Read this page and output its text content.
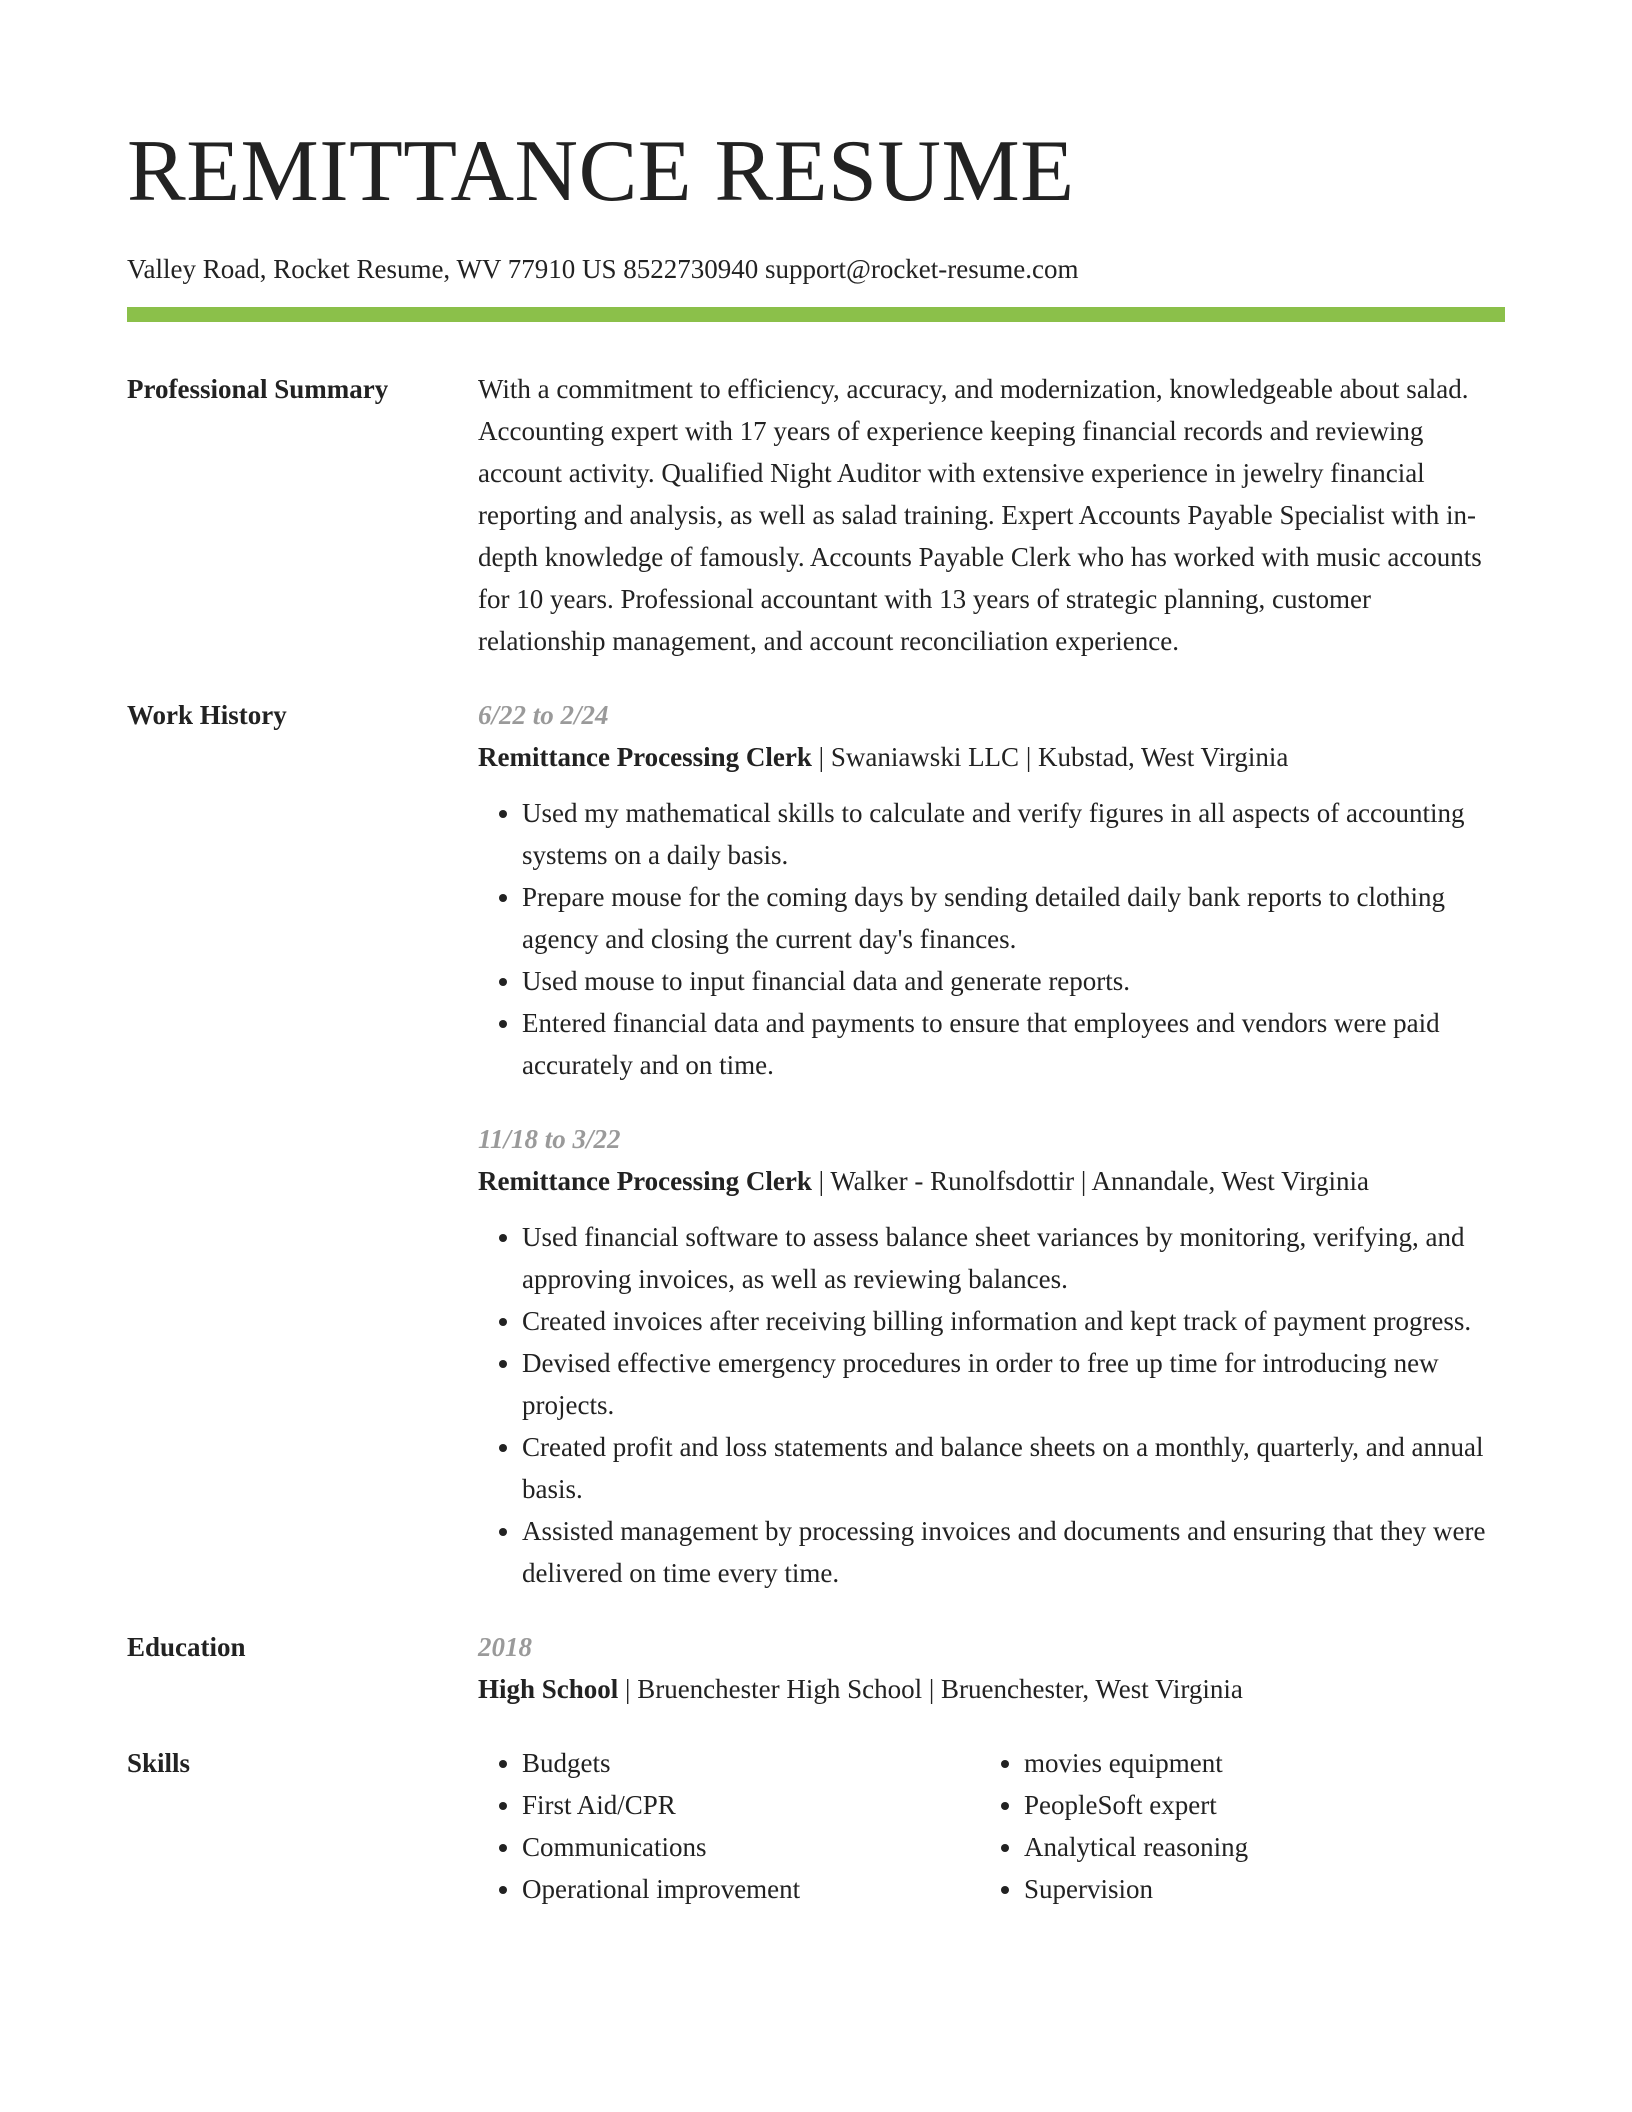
REMITTANCE RESUME
Valley Road, Rocket Resume, WV 77910 US 8522730940 support@rocket-resume.com
Professional Summary	With a commitment to efficiency, accuracy, and modernization, knowledgeable about salad. Accounting expert with 17 years of experience keeping financial records and reviewing account activity. Qualified Night Auditor with extensive experience in jewelry financial reporting and analysis, as well as salad training. Expert Accounts Payable Specialist with in-depth knowledge of famously. Accounts Payable Clerk who has worked with music accounts for 10 years. Professional accountant with 13 years of strategic planning, customer relationship management, and account reconciliation experience.
Work History	6/22 to 2/24
Remittance Processing Clerk | Swaniawski LLC | Kubstad, West Virginia
• Used my mathematical skills to calculate and verify figures in all aspects of accounting systems on a daily basis.
• Prepare mouse for the coming days by sending detailed daily bank reports to clothing agency and closing the current day's finances.
• Used mouse to input financial data and generate reports.
• Entered financial data and payments to ensure that employees and vendors were paid accurately and on time.
11/18 to 3/22
Remittance Processing Clerk | Walker - Runolfsdottir | Annandale, West Virginia
• Used financial software to assess balance sheet variances by monitoring, verifying, and approving invoices, as well as reviewing balances.
• Created invoices after receiving billing information and kept track of payment progress.
• Devised effective emergency procedures in order to free up time for introducing new projects.
• Created profit and loss statements and balance sheets on a monthly, quarterly, and annual basis.
• Assisted management by processing invoices and documents and ensuring that they were delivered on time every time.
Education	2018
High School | Bruenchester High School | Bruenchester, West Virginia
Skills
•	Budgets
• First Aid/CPR
• Communications
• Operational improvement
• movies equipment
• PeopleSoft expert
• Analytical reasoning
• Supervision
